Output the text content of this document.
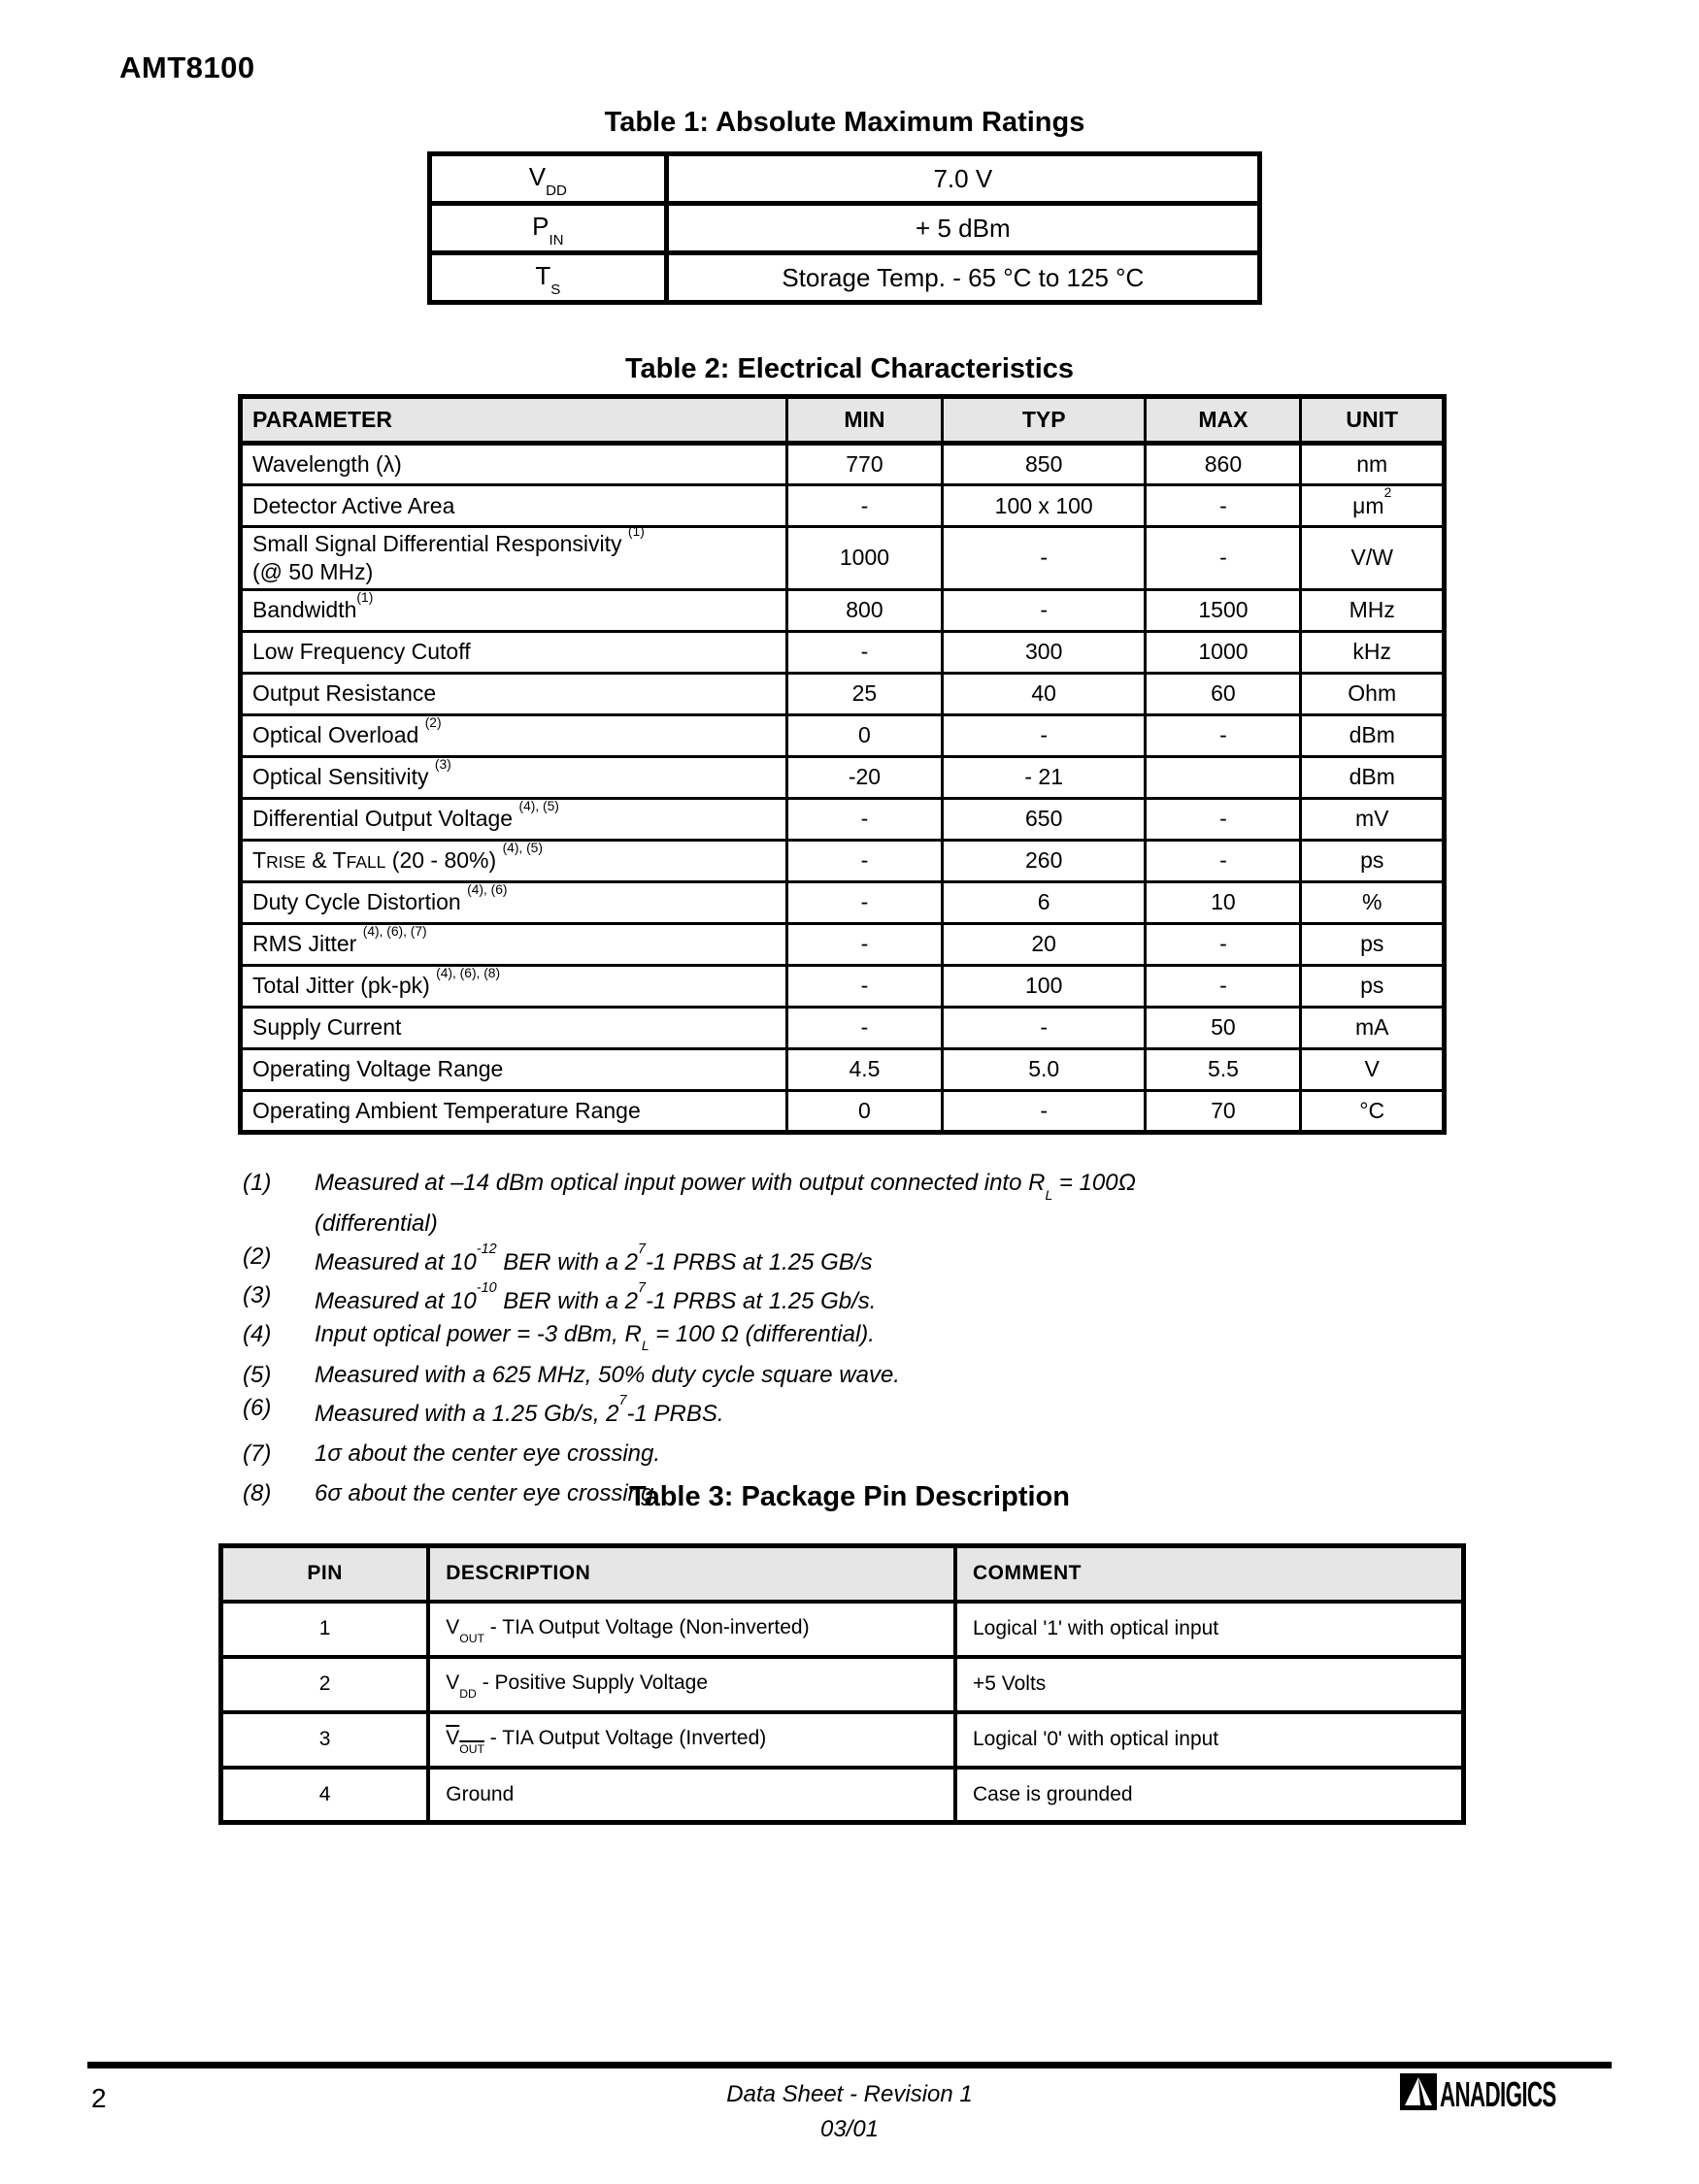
AMT8100
Table 1: Absolute Maximum Ratings
$V_{DD}$	7.0 V
$P_{IN}$	+ 5 dBm
$T_S$	Storage Temp. - 65 °C to 125 °C
Table 2: Electrical Characteristics
PARAMETER	MIN	TYP	MAX	UNIT
Wavelength (λ)	770	850	860	nm
Detector Active Area	-	100 x 100	-	$\mu m^2$
Small Signal Differential Responsivity $^{(1)}$
(@ 50 MHz)	1000	-	-	V/W
Bandwidth$^{(1)}$	800	-	1500	MHz
Low Frequency Cutoff	-	300	1000	kHz
Output Resistance	25	40	60	Ohm
Optical Overload $^{(2)}$	0	-	-	dBm
Optical Sensitivity $^{(3)}$	-20	- 21		dBm
Differential Output Voltage $^{(4), (5)}$	-	650	-	mV
TRISE & TFALL (20 - 80%) $^{(4), (5)}$	-	260	-	ps
Duty Cycle Distortion $^{(4), (6)}$	-	6	10	%
RMS Jitter $^{(4), (6), (7)}$	-	20	-	ps
Total Jitter (pk-pk) $^{(4), (6), (8)}$	-	100	-	ps
Supply Current	-	-	50	mA
Operating Voltage Range	4.5	5.0	5.5	V
Operating Ambient Temperature Range	0	-	70	°C
(1)	Measured at –14 dBm optical input power with output connected into $R_L = 100\Omega$
(differential)
(2)	Measured at $10^{-12}$ BER with a $2^7-1$ PRBS at 1.25 GB/s
(3)	Measured at $10^{-10}$ BER with a $2^7-1$ PRBS at 1.25 Gb/s.
(4)	Input optical power = -3 dBm, $R_L = 100$ Ω (differential).
(5)	Measured with a 625 MHz, 50% duty cycle square wave.
(6)	Measured with a 1.25 Gb/s, $2^7-1$ PRBS.
(7)	1σ about the center eye crossing.
(8)	6σ about the center eye crossing.
Table 3: Package Pin Description
PIN	DESCRIPTION	COMMENT
1	$V_{OUT}$ - TIA Output Voltage (Non-inverted)	Logical '1' with optical input
2	$V_{DD}$ - Positive Supply Voltage	+5 Volts
3	$V_{OUT}$ - TIA Output Voltage (Inverted)	Logical '0' with optical input
4	Ground	Case is grounded
2	Data Sheet - Revision 1
03/01
ANADIGICS
